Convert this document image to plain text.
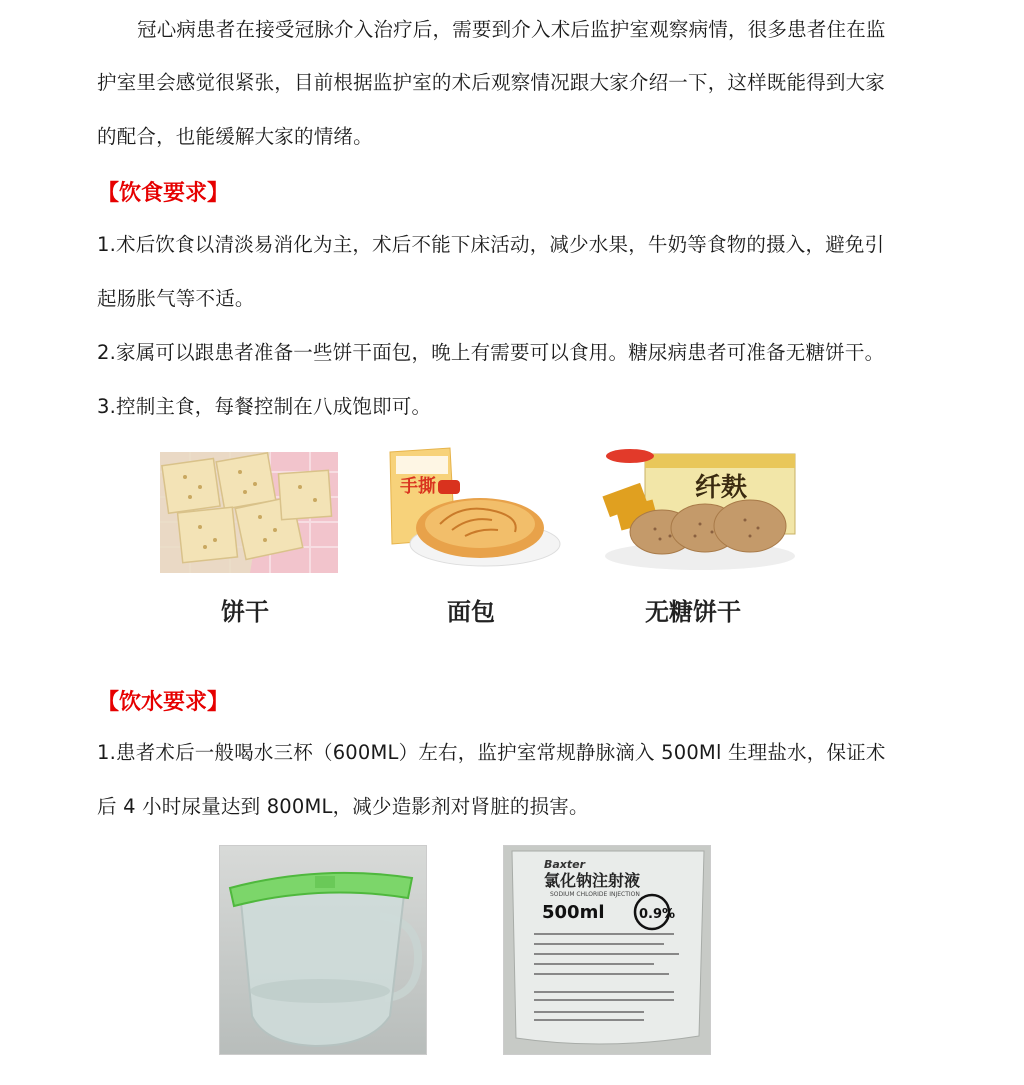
冠心病患者在接受冠脉介入治疗后，需要到介入术后监护室观察病情，很多患者住在监
护室里会感觉很紧张，目前根据监护室的术后观察情况跟大家介绍一下，这样既能得到大家
的配合，也能缓解大家的情绪。
【饮食要求】
1.术后饮食以清淡易消化为主，术后不能下床活动，减少水果，牛奶等食物的摄入，避免引
起肠胀气等不适。
2.家属可以跟患者准备一些饼干面包，晚上有需要可以食用。糖尿病患者可准备无糖饼干。
3.控制主食，每餐控制在八成饱即可。
手撕	纤麸
饼干	面包	无糖饼干
【饮水要求】
1.患者术后一般喝水三杯（600ML）左右，监护室常规静脉滴入 500Ml 生理盐水，保证术
后 4 小时尿量达到 800ML，减少造影剂对肾脏的损害。
Baxter
氯化钠注射液
SODIUM CHLORIDE INJECTION
500ml	0.9%
